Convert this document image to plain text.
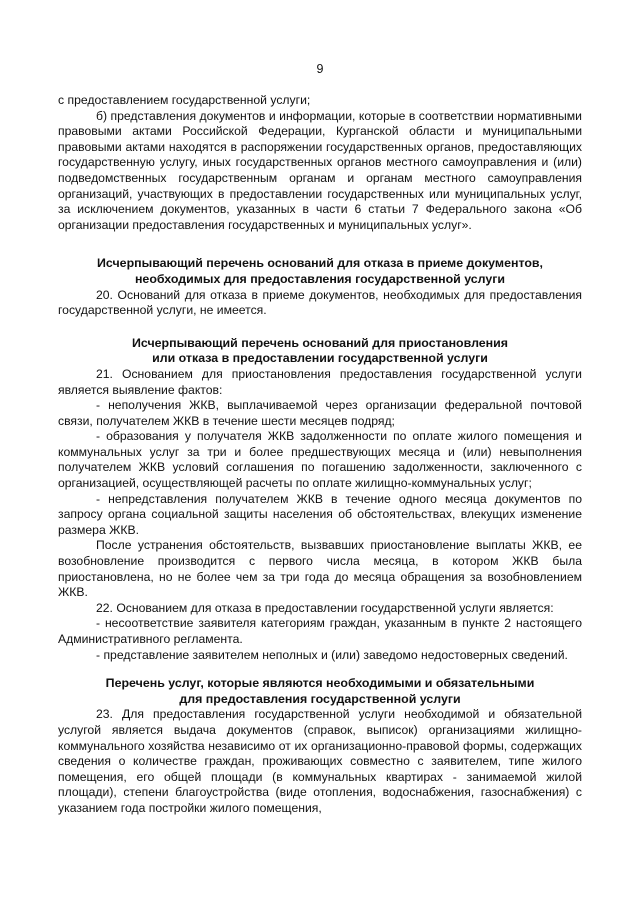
9

с предоставлением государственной услуги;

б) представления документов и информации, которые в соответствии нормативными правовыми актами Российской Федерации, Курганской области и муниципальными правовыми актами находятся в распоряжении государственных органов, предоставляющих государственную услугу, иных государственных органов местного самоуправления и (или) подведомственных государственным органам и органам местного самоуправления организаций, участвующих в предоставлении государственных или муниципальных услуг, за исключением документов, указанных в части 6 статьи 7 Федерального закона «Об организации предоставления государственных и муниципальных услуг».

Исчерпывающий перечень оснований для отказа в приеме документов,
необходимых для предоставления государственной услуги

20. Оснований для отказа в приеме документов, необходимых для предоставления государственной услуги, не имеется.

Исчерпывающий перечень оснований для приостановления
или отказа в предоставлении государственной услуги

21. Основанием для приостановления предоставления государственной услуги является выявление фактов:

- неполучения ЖКВ, выплачиваемой через организации федеральной почтовой связи, получателем ЖКВ в течение шести месяцев подряд;

- образования у получателя ЖКВ задолженности по оплате жилого помещения и коммунальных услуг за три и более предшествующих месяца и (или) невыполнения получателем ЖКВ условий соглашения по погашению задолженности, заключенного с организацией, осуществляющей расчеты по оплате жилищно-коммунальных услуг;

- непредставления получателем ЖКВ в течение одного месяца документов по запросу органа социальной защиты населения об обстоятельствах, влекущих изменение размера ЖКВ.

После устранения обстоятельств, вызвавших приостановление выплаты ЖКВ, ее возобновление производится с первого числа месяца, в котором ЖКВ была приостановлена, но не более чем за три года до месяца обращения за возобновлением ЖКВ.

22. Основанием для отказа в предоставлении государственной услуги является:

- несоответствие заявителя категориям граждан, указанным в пункте 2 настоящего Административного регламента.

- представление заявителем неполных и (или) заведомо недостоверных сведений.

Перечень услуг, которые являются необходимыми и обязательными
для предоставления государственной услуги

23. Для предоставления государственной услуги необходимой и обязательной услугой является выдача документов (справок, выписок) организациями жилищно-коммунального хозяйства независимо от их организационно-правовой формы, содержащих сведения о количестве граждан, проживающих совместно с заявителем, типе жилого помещения, его общей площади (в коммунальных квартирах - занимаемой жилой площади), степени благоустройства (виде отопления, водоснабжения, газоснабжения) с указанием года постройки жилого помещения,
